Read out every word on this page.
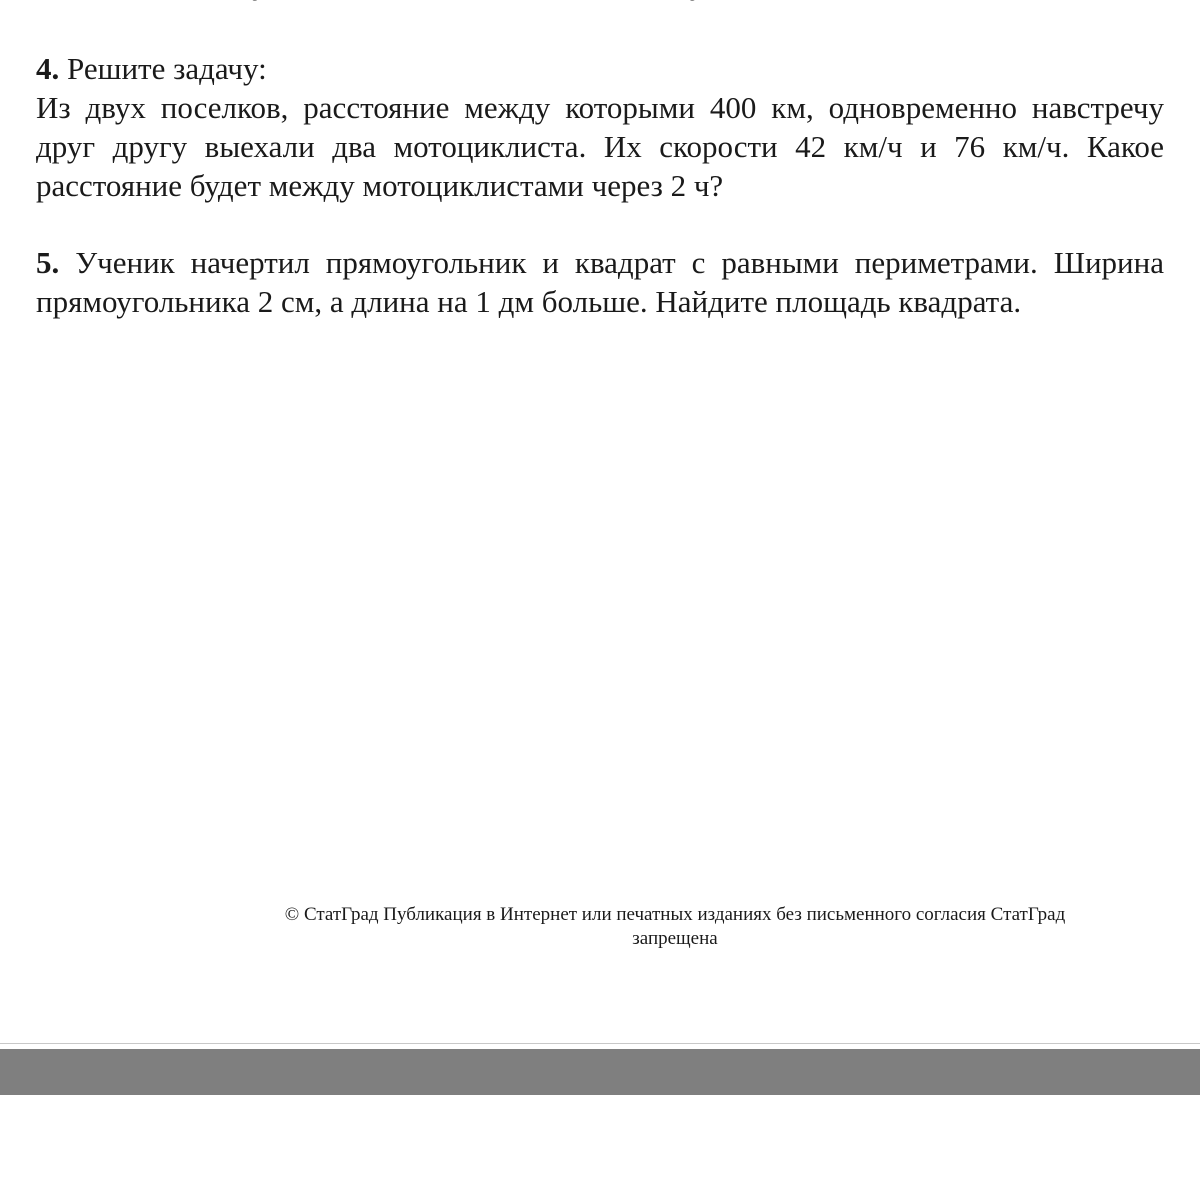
4. Решите задачу:
Из двух поселков, расстояние между которыми 400 км, одновременно навстречу друг другу выехали два мотоциклиста. Их скорости 42 км/ч и 76 км/ч. Какое расстояние будет между мотоциклистами через 2 ч?
5. Ученик начертил прямоугольник и квадрат с равными периметрами. Ширина прямоугольника 2 см, а длина на 1 дм больше. Найдите площадь квадрата.
© СтатГрад Публикация в Интернет или печатных изданиях без письменного согласия СтатГрад
запрещена
